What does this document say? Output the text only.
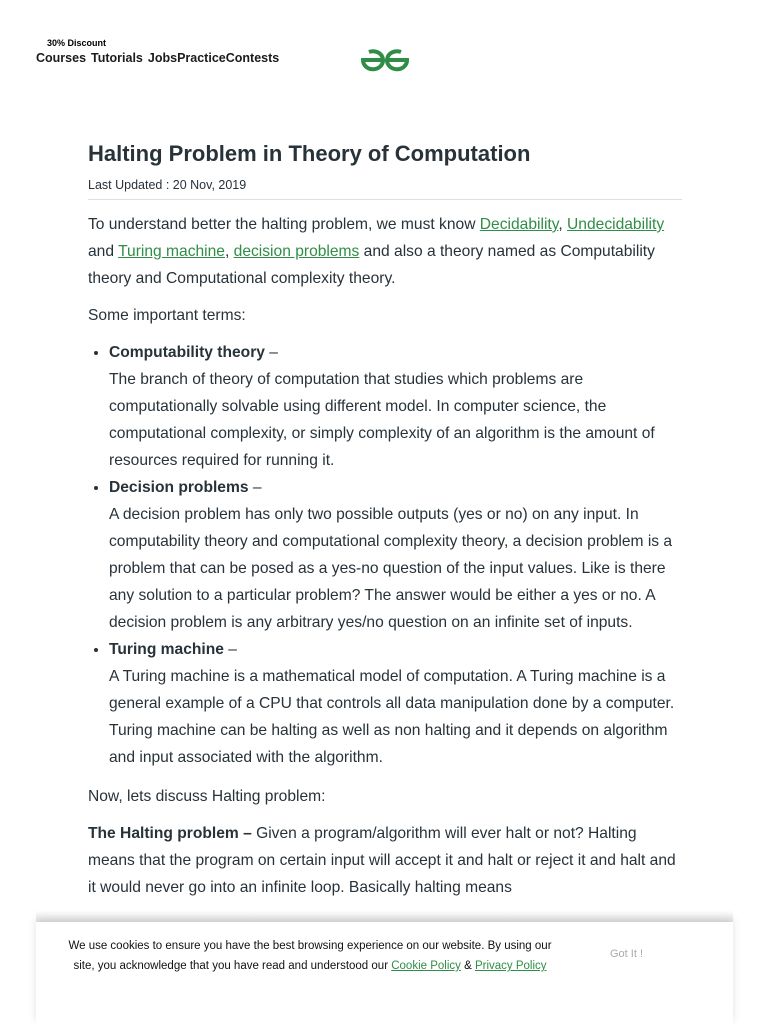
30% Discount
Courses Tutorials JobsPracticeContests
Halting Problem in Theory of Computation
Last Updated : 20 Nov, 2019

To understand better the halting problem, we must know Decidability, Undecidability and Turing machine, decision problems and also a theory named as Computability theory and Computational complexity theory.

Some important terms:

• Computability theory –
The branch of theory of computation that studies which problems are computationally solvable using different model. In computer science, the computational complexity, or simply complexity of an algorithm is the amount of resources required for running it.
• Decision problems –
A decision problem has only two possible outputs (yes or no) on any input. In computability theory and computational complexity theory, a decision problem is a problem that can be posed as a yes-no question of the input values. Like is there any solution to a particular problem? The answer would be either a yes or no. A decision problem is any arbitrary yes/no question on an infinite set of inputs.
• Turing machine –
A Turing machine is a mathematical model of computation. A Turing machine is a general example of a CPU that controls all data manipulation done by a computer. Turing machine can be halting as well as non halting and it depends on algorithm and input associated with the algorithm.

Now, lets discuss Halting problem:

The Halting problem – Given a program/algorithm will ever halt or not? Halting means that the program on certain input will accept it and halt or reject it and halt and it would never go into an infinite loop. Basically halting means

We use cookies to ensure you have the best browsing experience on our website. By using our site, you acknowledge that you have read and understood our Cookie Policy & Privacy Policy
Got It !
